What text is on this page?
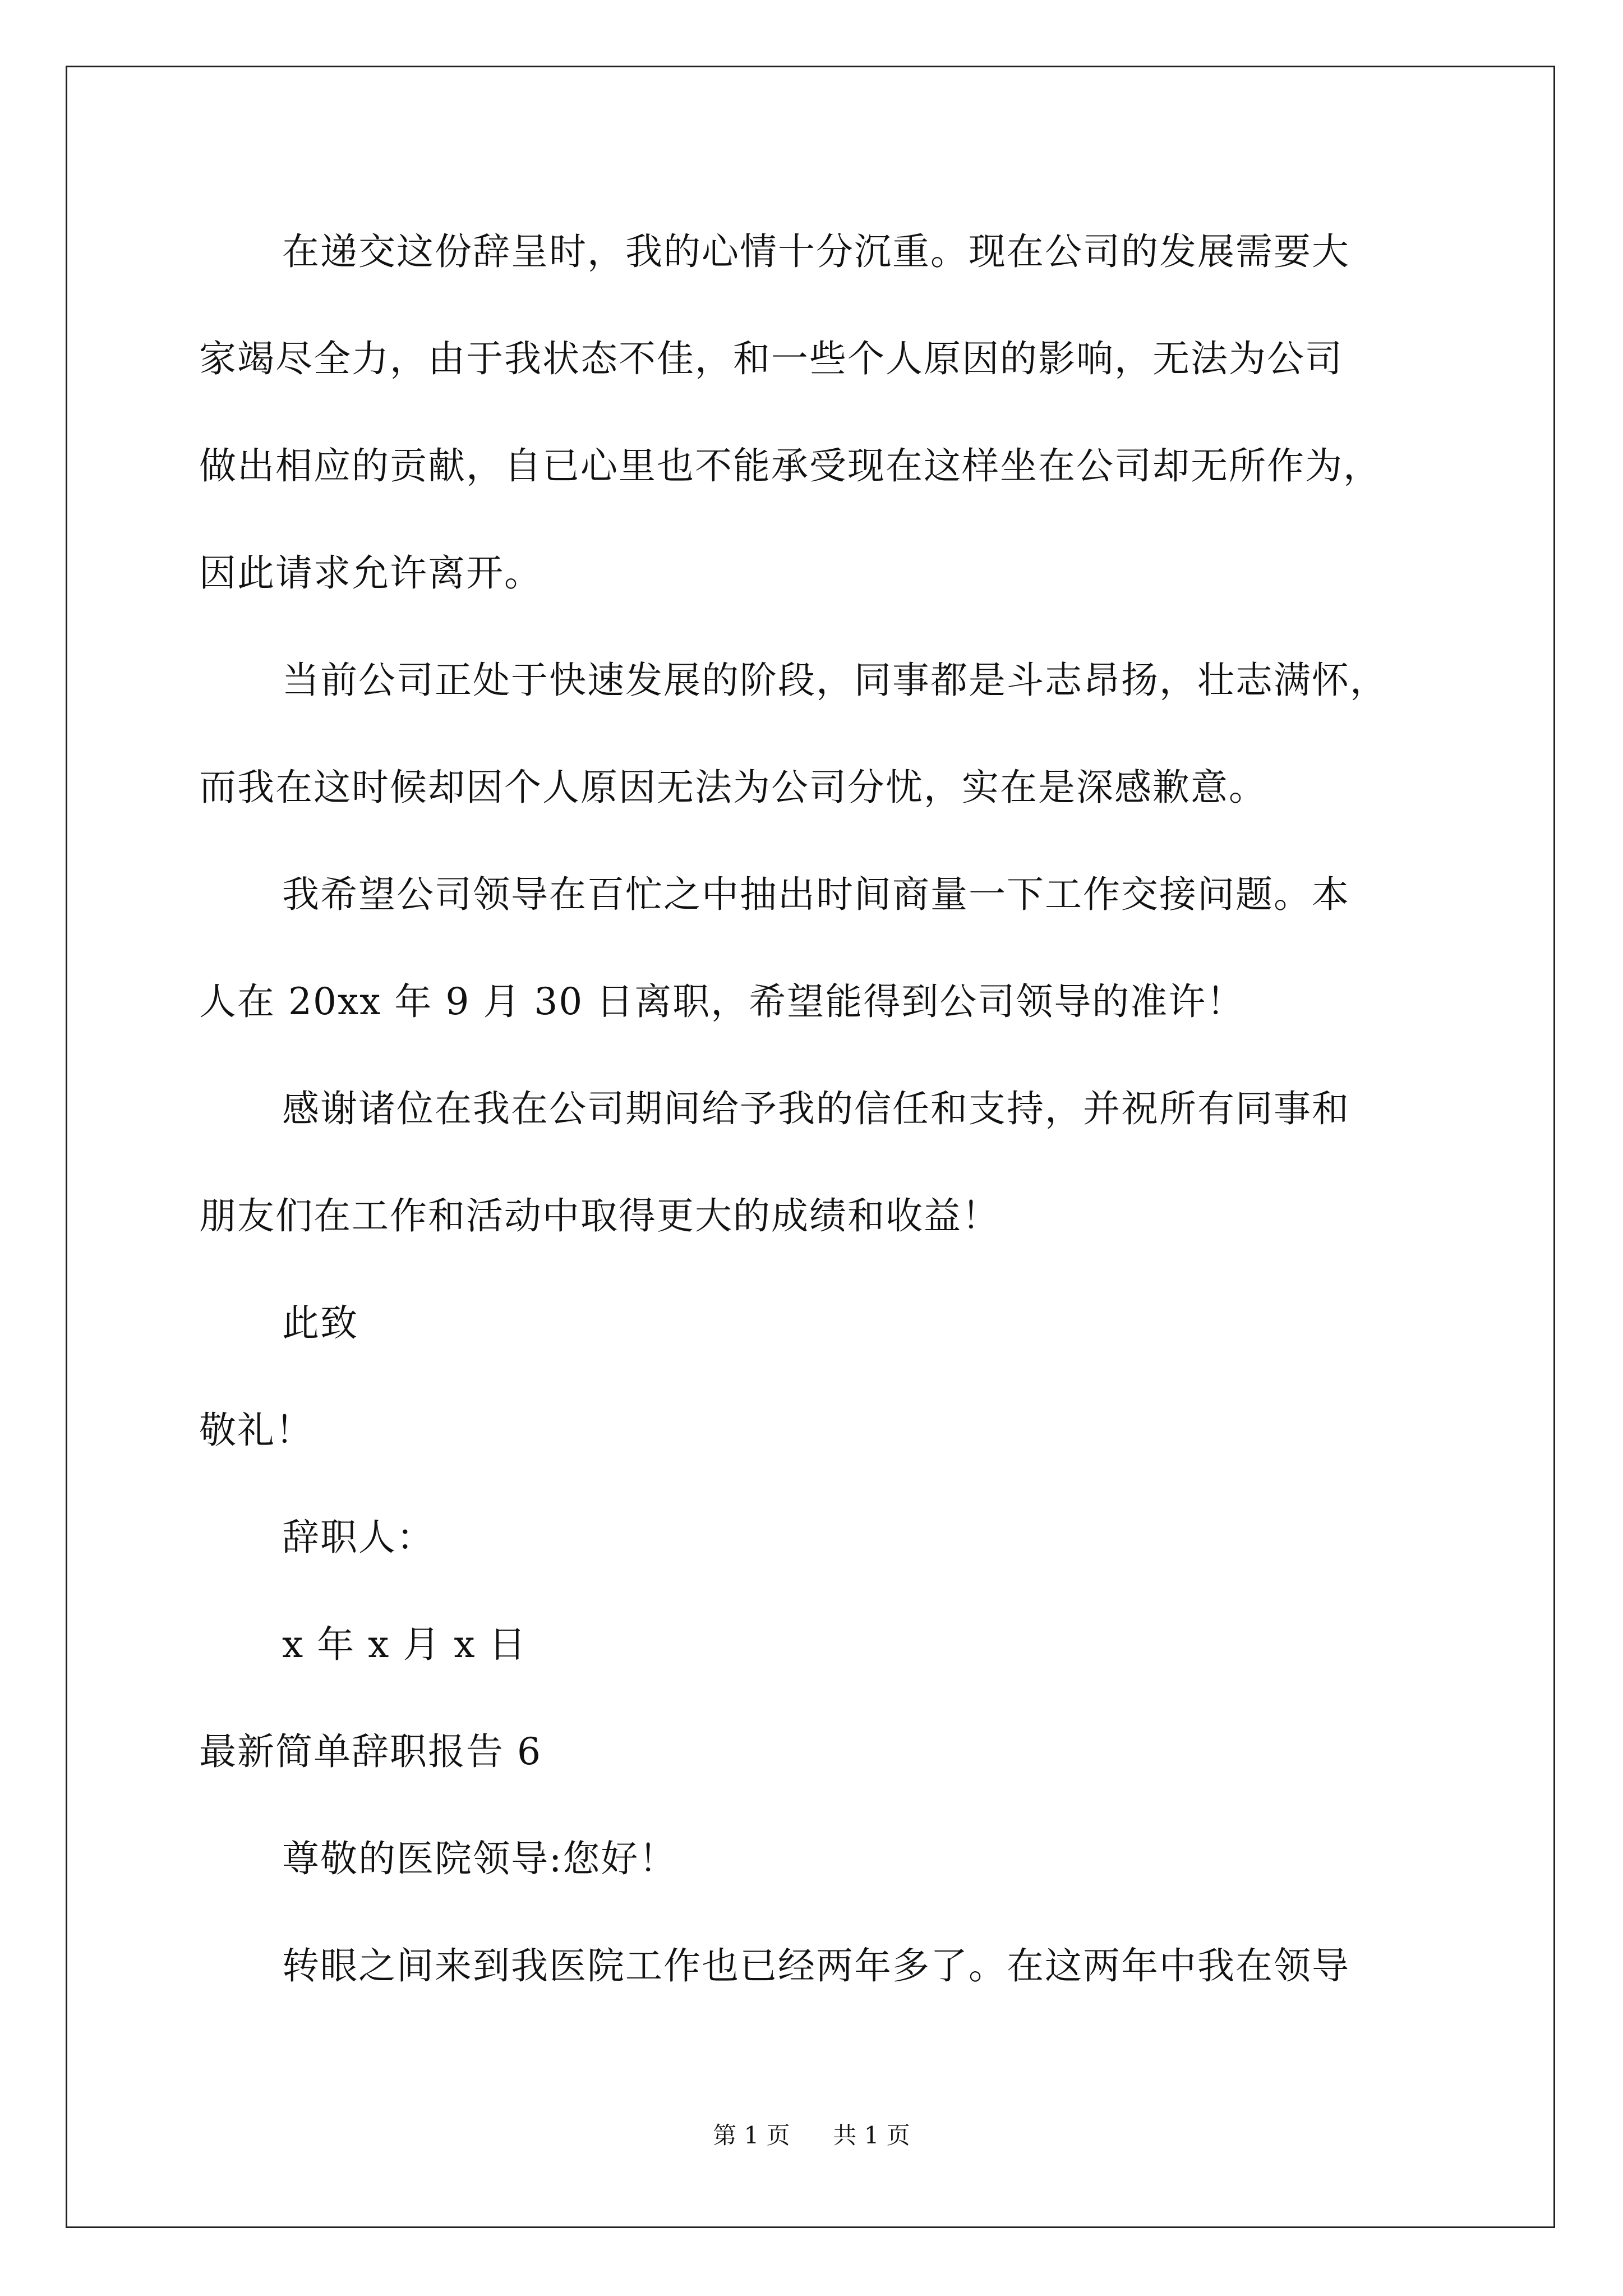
在递交这份辞呈时，我的心情十分沉重。现在公司的发展需要大
家竭尽全力，由于我状态不佳，和一些个人原因的影响，无法为公司
做出相应的贡献，自已心里也不能承受现在这样坐在公司却无所作为，
因此请求允许离开。
当前公司正处于快速发展的阶段，同事都是斗志昂扬，壮志满怀，
而我在这时候却因个人原因无法为公司分忧，实在是深感歉意。
我希望公司领导在百忙之中抽出时间商量一下工作交接问题。本
人在 20xx 年 9 月 30 日离职，希望能得到公司领导的准许！
感谢诸位在我在公司期间给予我的信任和支持，并祝所有同事和
朋友们在工作和活动中取得更大的成绩和收益！
此致
敬礼！
辞职人：
x 年 x 月 x 日
最新简单辞职报告 6
尊敬的医院领导:您好！
转眼之间来到我医院工作也已经两年多了。在这两年中我在领导
第 1 页 共 1 页
